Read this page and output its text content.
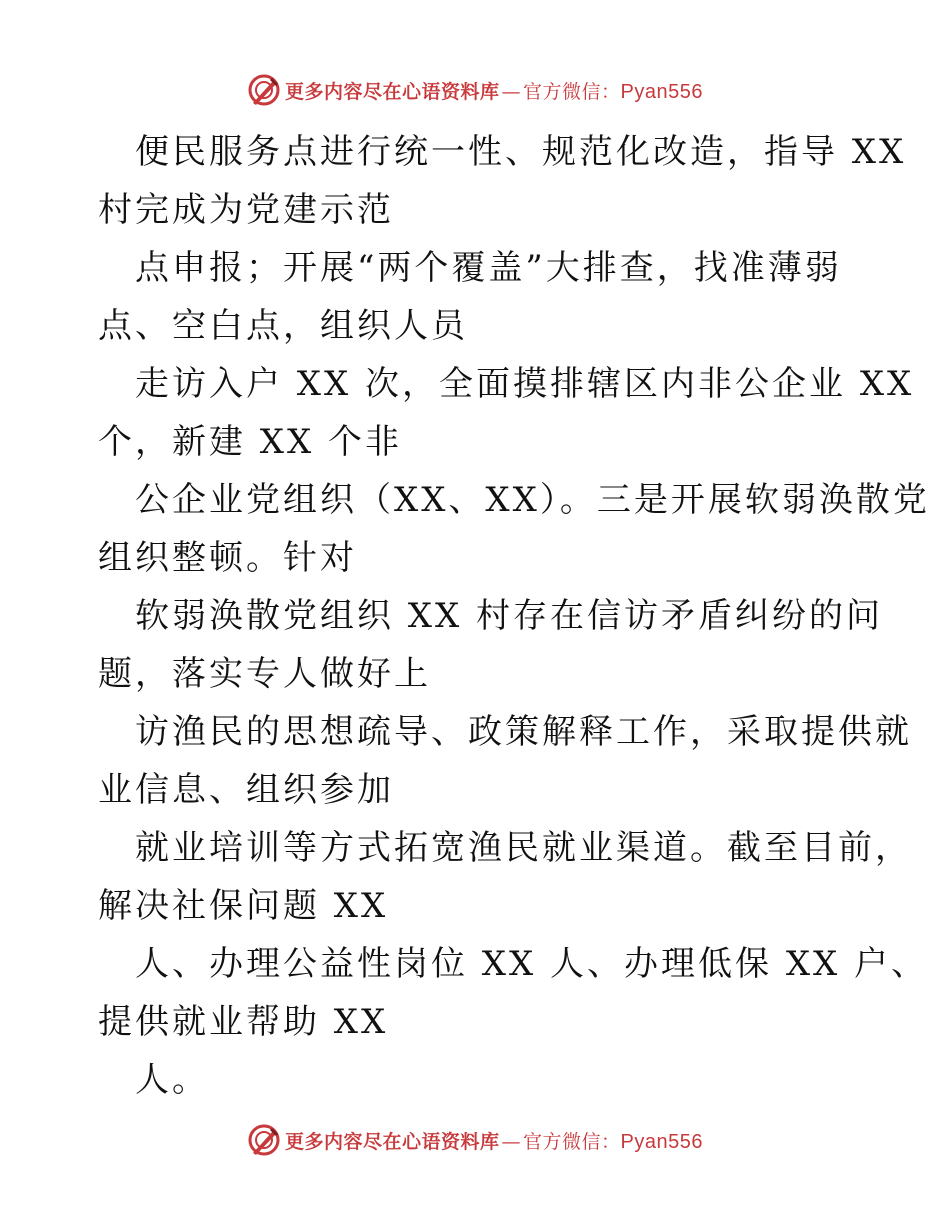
更多内容尽在心语资料库 — 官方微信： Pyan556

便民服务点进行统一性、规范化改造，指导 XX

村完成为党建示范

点申报；开展“两个覆盖”大排查，找准薄弱

点、空白点，组织人员

走访入户 XX 次，全面摸排辖区内非公企业 XX

个，新建 XX 个非

公企业党组织（XX、XX）。三是开展软弱涣散党

组织整顿。针对

软弱涣散党组织 XX 村存在信访矛盾纠纷的问

题，落实专人做好上

访渔民的思想疏导、政策解释工作，采取提供就

业信息、组织参加

就业培训等方式拓宽渔民就业渠道。截至目前，

解决社保问题 XX

人、办理公益性岗位 XX 人、办理低保 XX 户、

提供就业帮助 XX

人。

更多内容尽在心语资料库 — 官方微信： Pyan556
